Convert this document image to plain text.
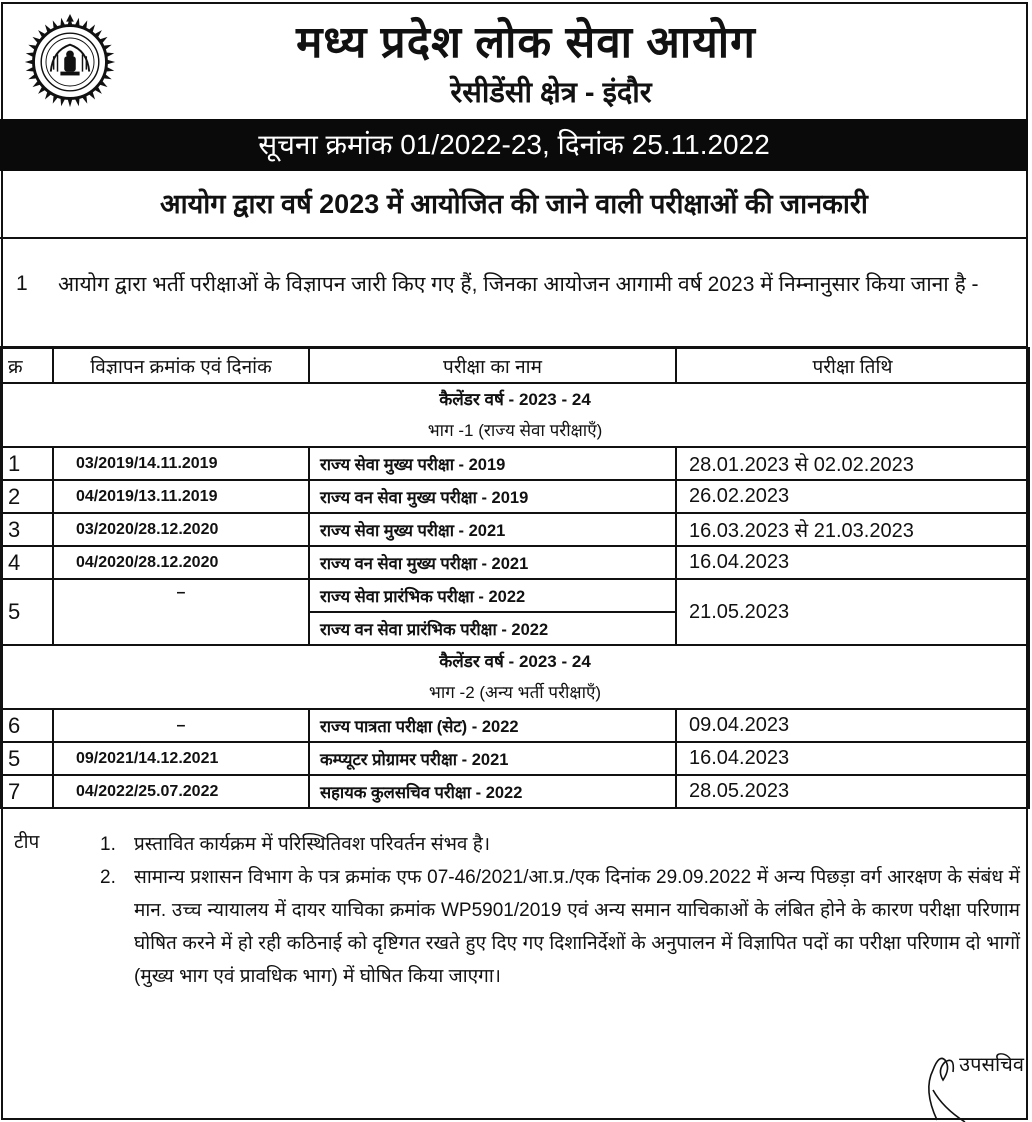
मध्य प्रदेश लोक सेवा आयोग
रेसीडेंसी क्षेत्र - इंदौर
सूचना क्रमांक 01/2022-23, दिनांक 25.11.2022
आयोग द्वारा वर्ष 2023 में आयोजित की जाने वाली परीक्षाओं की जानकारी
1 आयोग द्वारा भर्ती परीक्षाओं के विज्ञापन जारी किए गए हैं, जिनका आयोजन आगामी वर्ष 2023 में निम्नानुसार किया जाना है -
क्र	विज्ञापन क्रमांक एवं दिनांक	परीक्षा का नाम	परीक्षा तिथि

कैलेंडर वर्ष - 2023 - 24
भाग -1 (राज्य सेवा परीक्षाएँ)			

1	03/2019/14.11.2019	राज्य सेवा मुख्य परीक्षा - 2019	28.01.2023 से 02.02.2023
2	04/2019/13.11.2019	राज्य वन सेवा मुख्य परीक्षा - 2019	26.02.2023
3	03/2020/28.12.2020	राज्य सेवा मुख्य परीक्षा - 2021	16.03.2023 से 21.03.2023
4	04/2020/28.12.2020	राज्य वन सेवा मुख्य परीक्षा - 2021	16.04.2023
5	–	राज्य सेवा प्रारंभिक परीक्षा - 2022	21.05.2023
		राज्य वन सेवा प्रारंभिक परीक्षा - 2022	

कैलेंडर वर्ष - 2023 - 24
भाग -2 (अन्य भर्ती परीक्षाएँ)			

6	–	राज्य पात्रता परीक्षा (सेट) - 2022	09.04.2023
5	09/2021/14.12.2021	कम्प्यूटर प्रोग्रामर परीक्षा - 2021	16.04.2023
7	04/2022/25.07.2022	सहायक कुलसचिव परीक्षा - 2022	28.05.2023
टीप	1. प्रस्तावित कार्यक्रम में परिस्थितिवश परिवर्तन संभव है।
2. सामान्य प्रशासन विभाग के पत्र क्रमांक एफ 07-46/2021/आ.प्र./एक दिनांक 29.09.2022 में अन्य पिछड़ा वर्ग आरक्षण के संबंध में मान. उच्च न्यायालय में दायर याचिका क्रमांक WP5901/2019 एवं अन्य समान याचिकाओं के लंबित होने के कारण परीक्षा परिणाम घोषित करने में हो रही कठिनाई को दृष्टिगत रखते हुए दिए गए दिशानिर्देशों के अनुपालन में विज्ञापित पदों का परीक्षा परिणाम दो भागों (मुख्य भाग एवं प्रावधिक भाग) में घोषित किया जाएगा।
उपसचिव
